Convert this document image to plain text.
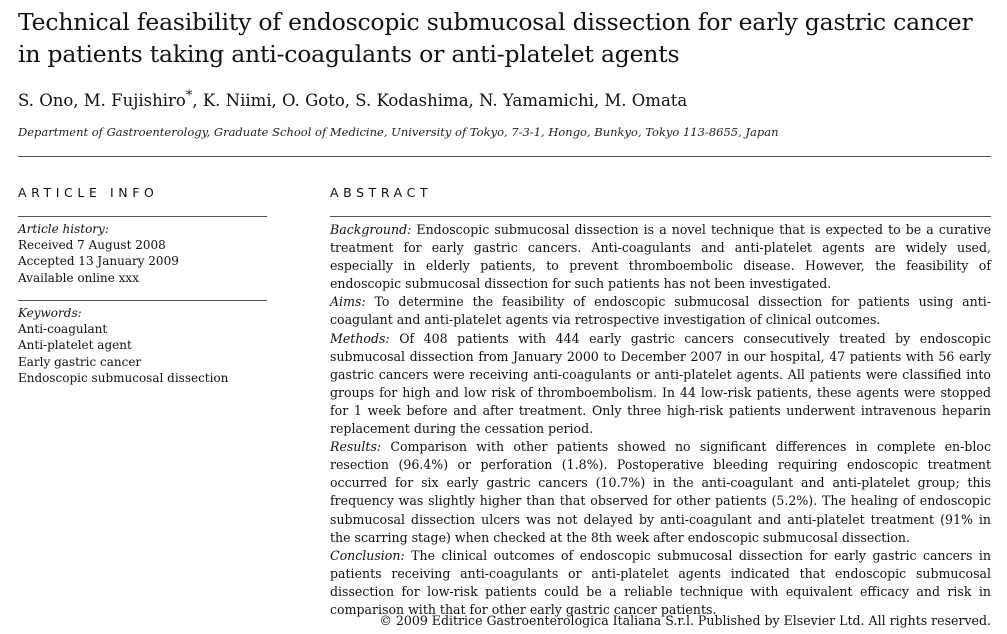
Technical feasibility of endoscopic submucosal dissection for early gastric cancer in patients taking anti-coagulants or anti-platelet agents

S. Ono, M. Fujishiro*, K. Niimi, O. Goto, S. Kodashima, N. Yamamichi, M. Omata

Department of Gastroenterology, Graduate School of Medicine, University of Tokyo, 7-3-1, Hongo, Bunkyo, Tokyo 113-8655, Japan

ARTICLE INFO	ABSTRACT
Article history:
Received 7 August 2008
Accepted 13 January 2009
Available online xxx
Keywords:
Anti-coagulant
Anti-platelet agent
Early gastric cancer
Endoscopic submucosal dissection

Background: Endoscopic submucosal dissection is a novel technique that is expected to be a curative treatment for early gastric cancers. Anti-coagulants and anti-platelet agents are widely used, especially in elderly patients, to prevent thromboembolic disease. However, the feasibility of endoscopic submucosal dissection for such patients has not been investigated.

Aims: To determine the feasibility of endoscopic submucosal dissection for patients using anti-coagulant and anti-platelet agents via retrospective investigation of clinical outcomes.

Methods: Of 408 patients with 444 early gastric cancers consecutively treated by endoscopic submucosal dissection from January 2000 to December 2007 in our hospital, 47 patients with 56 early gastric cancers were receiving anti-coagulants or anti-platelet agents. All patients were classified into groups for high and low risk of thromboembolism. In 44 low-risk patients, these agents were stopped for 1 week before and after treatment. Only three high-risk patients underwent intravenous heparin replacement during the cessation period.

Results: Comparison with other patients showed no significant differences in complete en-bloc resection (96.4%) or perforation (1.8%). Postoperative bleeding requiring endoscopic treatment occurred for six early gastric cancers (10.7%) in the anti-coagulant and anti-platelet group; this frequency was slightly higher than that observed for other patients (5.2%). The healing of endoscopic submucosal dissection ulcers was not delayed by anti-coagulant and anti-platelet treatment (91% in the scarring stage) when checked at the 8th week after endoscopic submucosal dissection.

Conclusion: The clinical outcomes of endoscopic submucosal dissection for early gastric cancers in patients receiving anti-coagulants or anti-platelet agents indicated that endoscopic submucosal dissection for low-risk patients could be a reliable technique with equivalent efficacy and risk in comparison with that for other early gastric cancer patients.

© 2009 Editrice Gastroenterologica Italiana S.r.l. Published by Elsevier Ltd. All rights reserved.
